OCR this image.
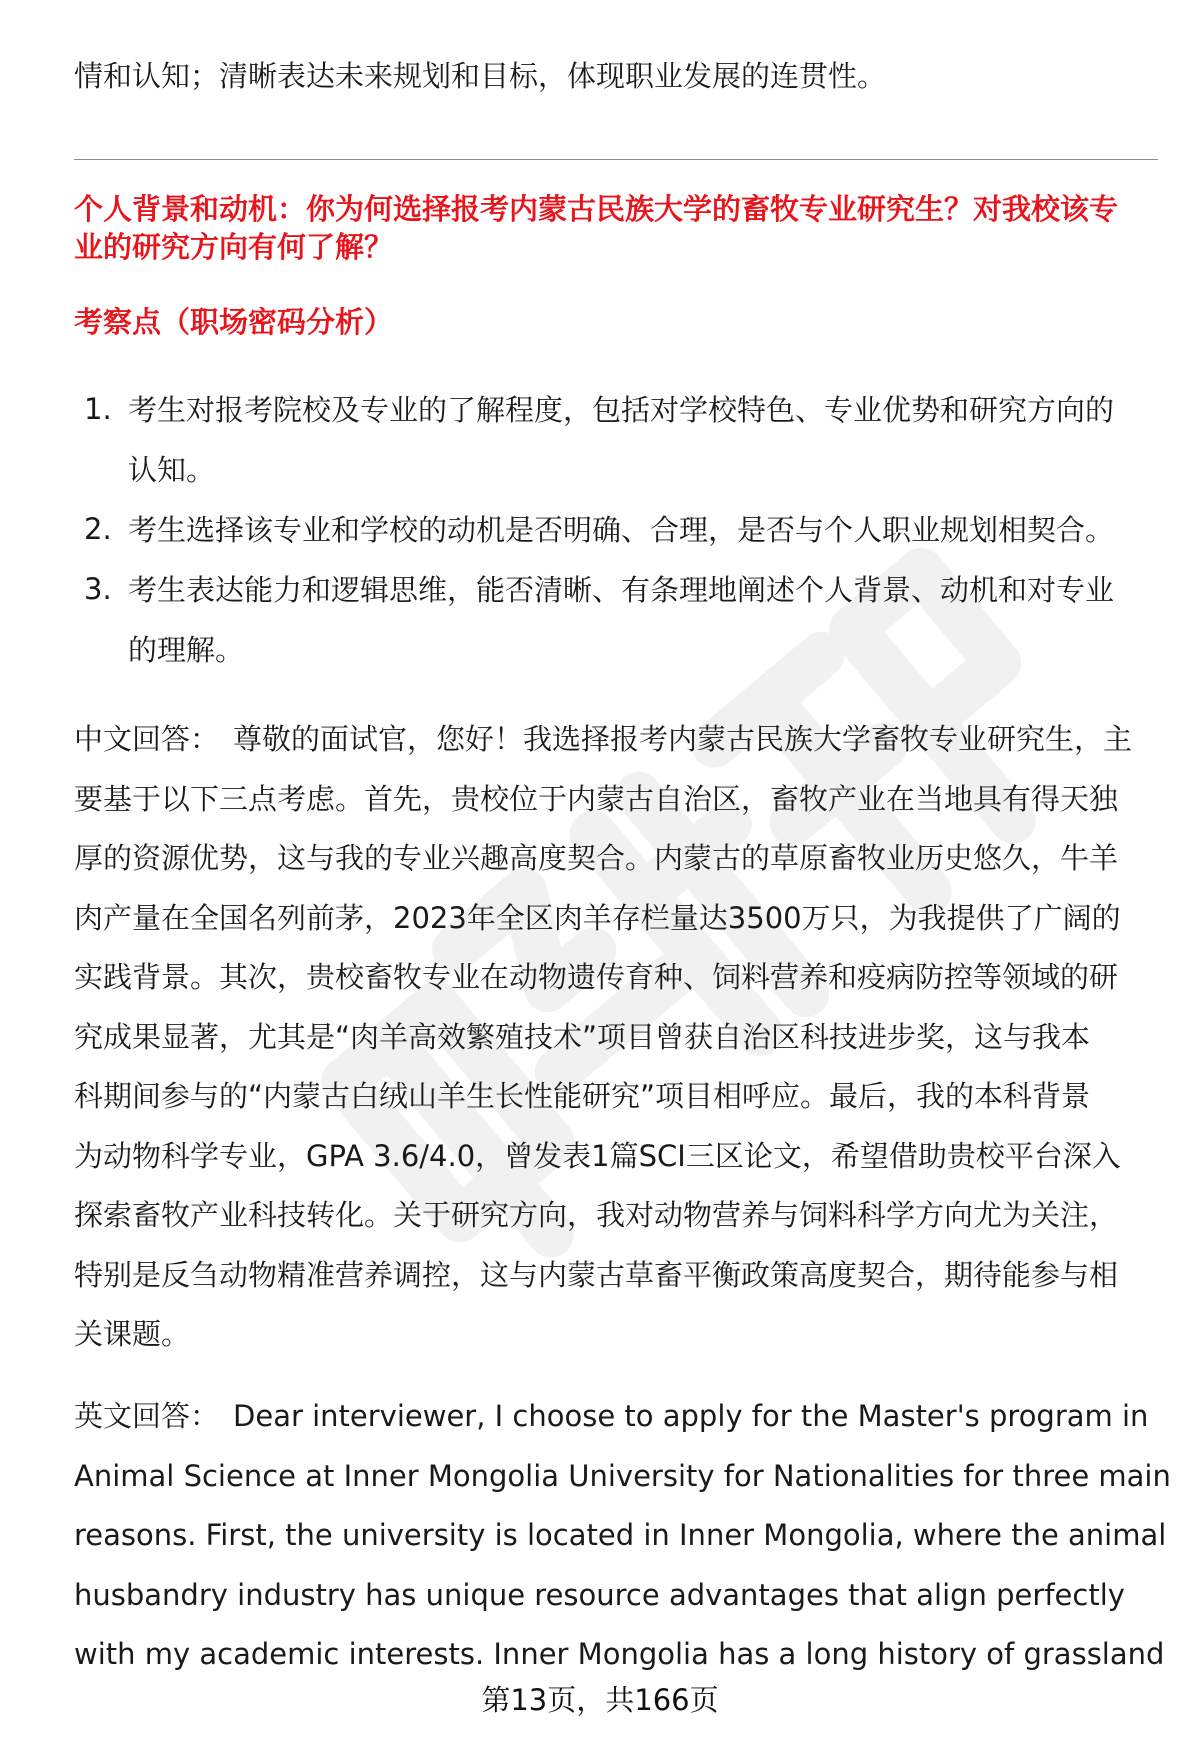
情和认知；清晰表达未来规划和目标，体现职业发展的连贯性。
个人背景和动机：你为何选择报考内蒙古民族大学的畜牧专业研究生？对我校该专
业的研究方向有何了解？
考察点（职场密码分析）
1. 考生对报考院校及专业的了解程度，包括对学校特色、专业优势和研究方向的
认知。
2. 考生选择该专业和学校的动机是否明确、合理，是否与个人职业规划相契合。
3. 考生表达能力和逻辑思维，能否清晰、有条理地阐述个人背景、动机和对专业
的理解。
中文回答： 尊敬的面试官，您好！我选择报考内蒙古民族大学畜牧专业研究生，主
要基于以下三点考虑。首先，贵校位于内蒙古自治区，畜牧产业在当地具有得天独
厚的资源优势，这与我的专业兴趣高度契合。内蒙古的草原畜牧业历史悠久，牛羊
肉产量在全国名列前茅，2023年全区肉羊存栏量达3500万只，为我提供了广阔的
实践背景。其次，贵校畜牧专业在动物遗传育种、饲料营养和疫病防控等领域的研
究成果显著，尤其是“肉羊高效繁殖技术”项目曾获自治区科技进步奖，这与我本
科期间参与的“内蒙古白绒山羊生长性能研究”项目相呼应。最后，我的本科背景
为动物科学专业，GPA 3.6/4.0，曾发表1篇SCI三区论文，希望借助贵校平台深入
探索畜牧产业科技转化。关于研究方向，我对动物营养与饲料科学方向尤为关注，
特别是反刍动物精准营养调控，这与内蒙古草畜平衡政策高度契合，期待能参与相
关课题。
英文回答： Dear interviewer, I choose to apply for the Master's program in
Animal Science at Inner Mongolia University for Nationalities for three main
reasons. First, the university is located in Inner Mongolia, where the animal
husbandry industry has unique resource advantages that align perfectly
with my academic interests. Inner Mongolia has a long history of grassland
第13页，共166页
